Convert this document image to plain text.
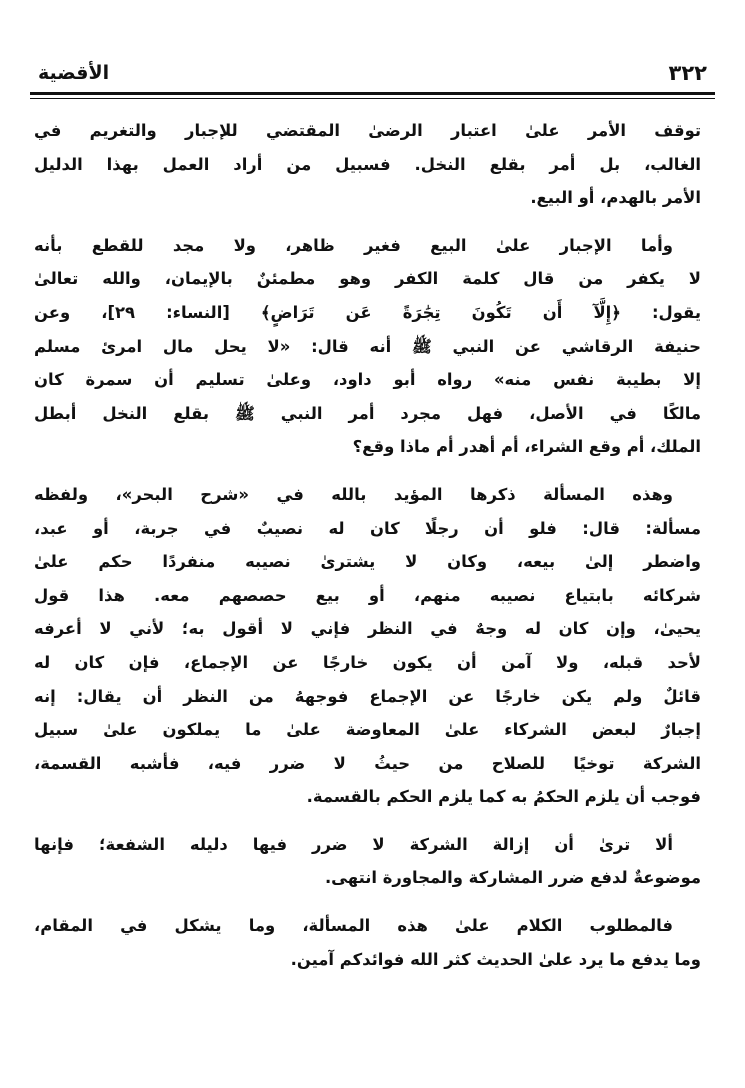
٣٢٢
الأقضية

توقف الأمر علىٰ اعتبار الرضىٰ المقتضي للإجبار والتغريم في
الغالب، بل أمر بقلع النخل. فسبيل من أراد العمل بهذا الدليل
الأمر بالهدم، أو البيع.

وأما الإجبار علىٰ البيع فغير ظاهر، ولا مجد للقطع بأنه
لا يكفر من قال كلمة الكفر وهو مطمئنٌ بالإيمان، والله تعالىٰ
يقول: ﴿إِلَّآ أَن تَكُونَ تِجَٰرَةً عَن تَرَاضٍ﴾ [النساء: ٢٩]، وعن
حنيفة الرقاشي عن النبي ﷺ أنه قال: «لا يحل مال امرئ مسلم
إلا بطيبة نفس منه» رواه أبو داود، وعلىٰ تسليم أن سمرة كان
مالكًا في الأصل، فهل مجرد أمر النبي ﷺ بقلع النخل أبطل
الملك، أم وقع الشراء، أم أهدر أم ماذا وقع؟

وهذه المسألة ذكرها المؤيد بالله في «شرح البحر»، ولفظه
مسألة: قال: فلو أن رجلًا كان له نصيبٌ في جربة، أو عبد،
واضطر إلىٰ بيعه، وكان لا يشترىٰ نصيبه منفردًا حكم علىٰ
شركائه بابتياع نصيبه منهم، أو بيع حصصهم معه. هذا قول
يحيىٰ، وإن كان له وجهٌ في النظر فإني لا أقول به؛ لأني لا أعرفه
لأحد قبله، ولا آمن أن يكون خارجًا عن الإجماع، فإن كان له
قائلٌ ولم يكن خارجًا عن الإجماع فوجههُ من النظر أن يقال: إنه
إجبارٌ لبعض الشركاء علىٰ المعاوضة علىٰ ما يملكون علىٰ سبيل
الشركة توخيًا للصلاح من حيثُ لا ضرر فيه، فأشبه القسمة،
فوجب أن يلزم الحكمُ به كما يلزم الحكم بالقسمة.

ألا ترىٰ أن إزالة الشركة لا ضرر فيها دليله الشفعة؛ فإنها
موضوعةٌ لدفع ضرر المشاركة والمجاورة انتهى.

فالمطلوب الكلام علىٰ هذه المسألة، وما يشكل في المقام،
وما يدفع ما يرد علىٰ الحديث كثر الله فوائدكم آمين.
